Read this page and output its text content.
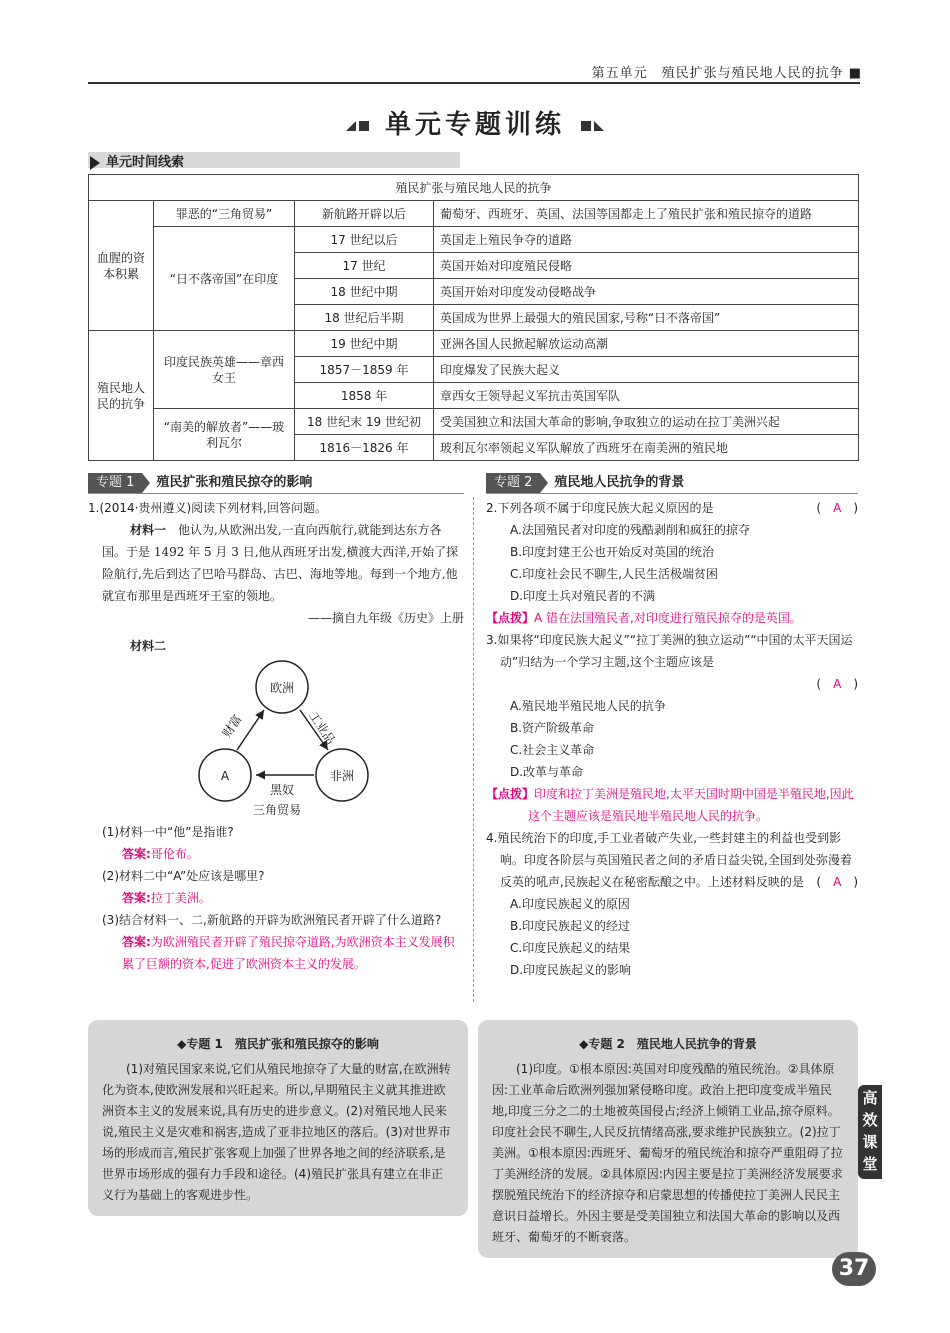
第五单元　殖民扩张与殖民地人民的抗争 ■
单元专题训练
单元时间线索
殖民扩张与殖民地人民的抗争			
血腥的资本积累	罪恶的“三角贸易”	新航路开辟以后	葡萄牙、西班牙、英国、法国等国都走上了殖民扩张和殖民掠夺的道路
	“日不落帝国”在印度	17 世纪以后	英国走上殖民争夺的道路
		17 世纪	英国开始对印度殖民侵略
		18 世纪中期	英国开始对印度发动侵略战争
		18 世纪后半期	英国成为世界上最强大的殖民国家,号称“日不落帝国”
殖民地人民的抗争	印度民族英雄——章西女王	19 世纪中期	亚洲各国人民掀起解放运动高潮
		1857－1859 年	印度爆发了民族大起义
		1858 年	章西女王领导起义军抗击英国军队
	“南美的解放者”——玻利瓦尔	18 世纪末 19 世纪初	受美国独立和法国大革命的影响,争取独立的运动在拉丁美洲兴起
		1816－1826 年	玻利瓦尔率领起义军队解放了西班牙在南美洲的殖民地
专题 1 殖民扩张和殖民掠夺的影响	专题 2 殖民地人民抗争的背景

1.(2014·贵州遵义)阅读下列材料,回答问题。

材料一　 他认为,从欧洲出发,一直向西航行,就能到达东方各国。于是 1492 年 5 月 3 日,他从西班牙出发,横渡大西洋,开始了探险航行,先后到达了巴哈马群岛、古巴、海地等地。每到一个地方,他就宣布那里是西班牙王室的领地。

——摘自九年级《历史》上册

材料二

欧洲
A	非洲
财富	工业品
黑奴
三角贸易

(1)材料一中“他”是指谁?

答案:哥伦布。

(2)材料二中“A”处应该是哪里?

答案:拉丁美洲。

(3)结合材料一、二,新航路的开辟为欧洲殖民者开辟了什么道路?

答案:为欧洲殖民者开辟了殖民掠夺道路,为欧洲资本主义发展积累了巨额的资本,促进了欧洲资本主义的发展。

2.下列各项不属于印度民族大起义原因的是	(　 A　 )

A.法国殖民者对印度的残酷剥削和疯狂的掠夺

B.印度封建王公也开始反对英国的统治

C.印度社会民不聊生,人民生活极端贫困

D.印度土兵对殖民者的不满

【点拨】A 错在法国殖民者,对印度进行殖民掠夺的是英国。

3.如果将“印度民族大起义”“拉丁美洲的独立运动”“中国的太平天国运动”归结为一个学习主题,这个主题应该是

(　 A　 )

A.殖民地半殖民地人民的抗争

B.资产阶级革命

C.社会主义革命

D.改革与革命

【点拨】印度和拉丁美洲是殖民地,太平天国时期中国是半殖民地,因此这个主题应该是殖民地半殖民地人民的抗争。

4.殖民统治下的印度,手工业者破产失业,一些封建主的利益也受到影响。印度各阶层与英国殖民者之间的矛盾日益尖锐,全国到处弥漫着反英的吼声,民族起义在秘密酝酿之中。上述材料反映的是 (　 A　 )

A.印度民族起义的原因

B.印度民族起义的经过

C.印度民族起义的结果

D.印度民族起义的影响

◆专题 1　殖民扩张和殖民掠夺的影响

(1)对殖民国家来说,它们从殖民地掠夺了大量的财富,在欧洲转化为资本,使欧洲发展和兴旺起来。所以,早期殖民主义就其推进欧洲资本主义的发展来说,具有历史的进步意义。(2)对殖民地人民来说,殖民主义是灾难和祸害,造成了亚非拉地区的落后。(3)对世界市场的形成而言,殖民扩张客观上加强了世界各地之间的经济联系,是世界市场形成的强有力手段和途径。(4)殖民扩张具有建立在非正义行为基础上的客观进步性。

◆专题 2　殖民地人民抗争的背景

(1)印度。①根本原因:英国对印度残酷的殖民统治。②具体原因:工业革命后欧洲列强加紧侵略印度。政治上把印度变成半殖民地,印度三分之二的土地被英国侵占;经济上倾销工业品,掠夺原料。印度社会民不聊生,人民反抗情绪高涨,要求维护民族独立。(2)拉丁美洲。①根本原因:西班牙、葡萄牙的殖民统治和掠夺严重阻碍了拉丁美洲经济的发展。②具体原因:内因主要是拉丁美洲经济发展要求摆脱殖民统治下的经济掠夺和启蒙思想的传播使拉丁美洲人民民主意识日益增长。外因主要是受美国独立和法国大革命的影响以及西班牙、葡萄牙的不断衰落。

高效课堂
37
